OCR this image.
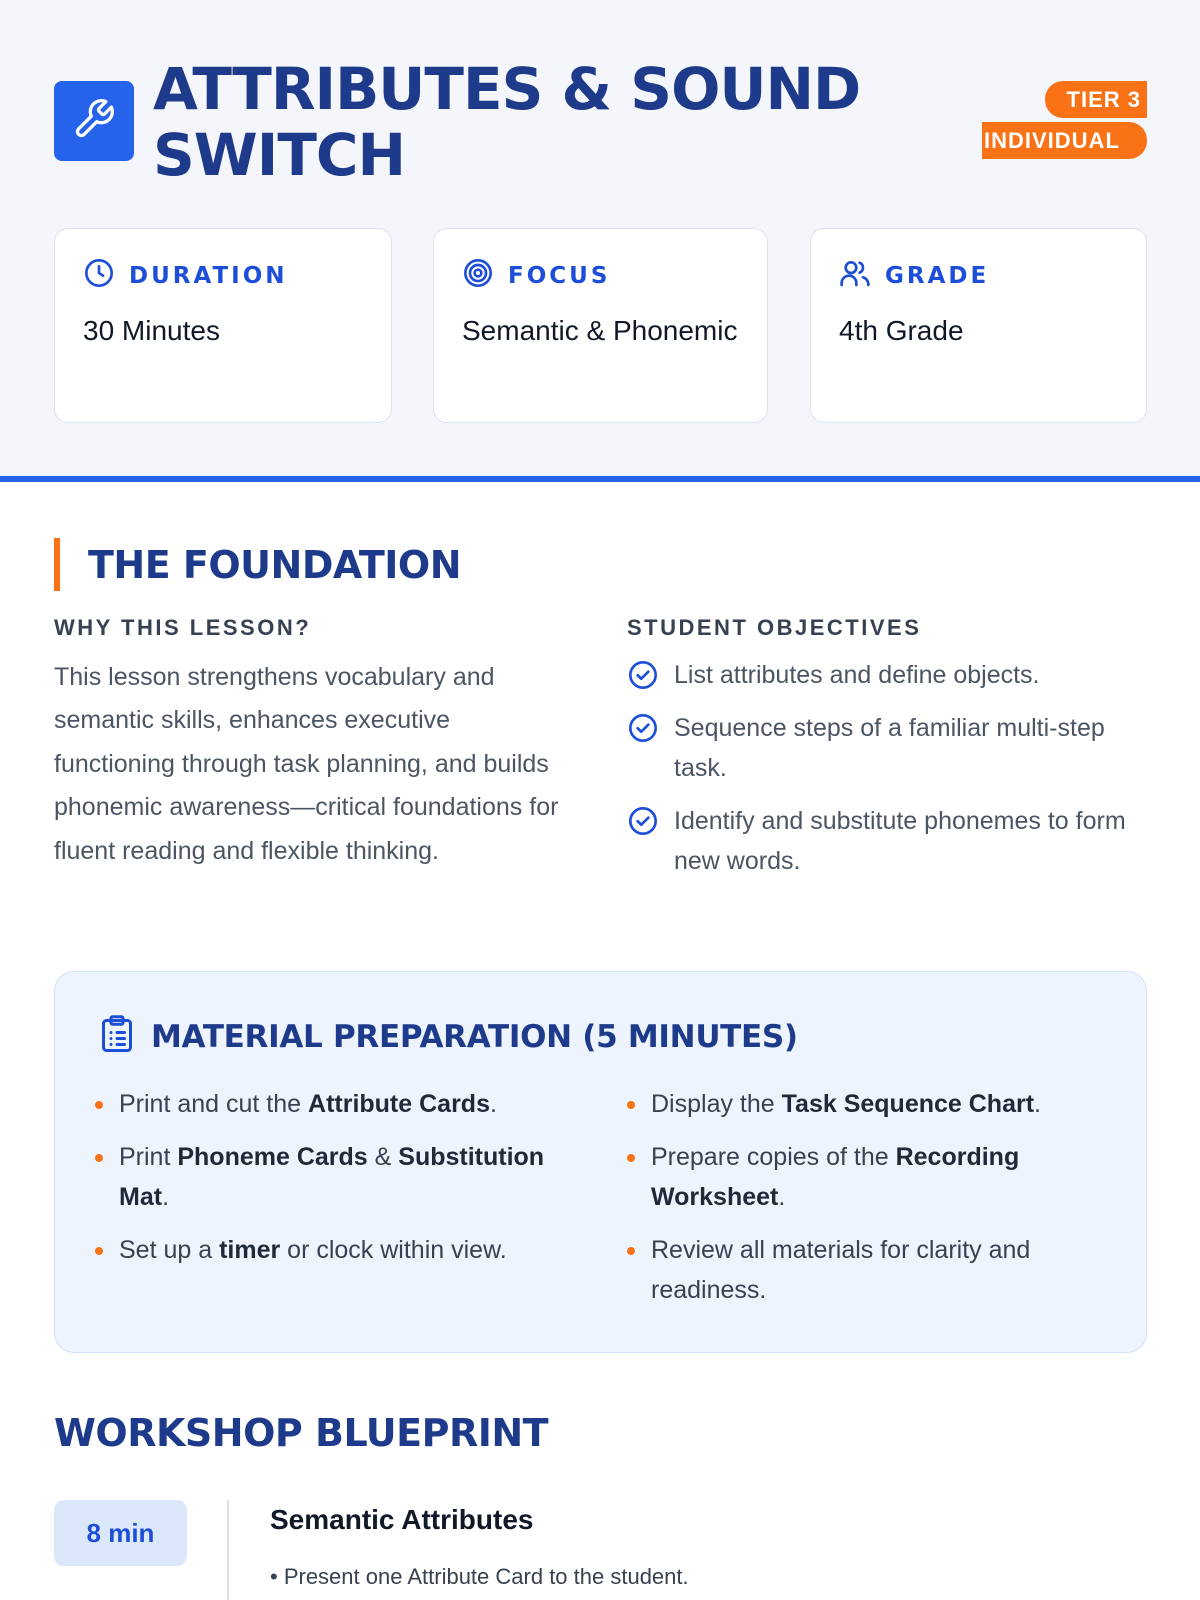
ATTRIBUTES & SOUND SWITCH
TIER 3
INDIVIDUAL
DURATION
30 Minutes
FOCUS
Semantic & Phonemic
GRADE
4th Grade
THE FOUNDATION
WHY THIS LESSON?

This lesson strengthens vocabulary and semantic skills, enhances executive functioning through task planning, and builds phonemic awareness—critical foundations for fluent reading and flexible thinking.

STUDENT OBJECTIVES
List attributes and define objects.
Sequence steps of a familiar multi-step task.
Identify and substitute phonemes to form new words.
MATERIAL PREPARATION (5 MINUTES)
Print and cut the Attribute Cards.
Print Phoneme Cards & Substitution Mat.
Set up a timer or clock within view.
Display the Task Sequence Chart.
Prepare copies of the Recording Worksheet.
Review all materials for clarity and readiness.
WORKSHOP BLUEPRINT
8 min	Semantic Attributes
• Present one Attribute Card to the student.
